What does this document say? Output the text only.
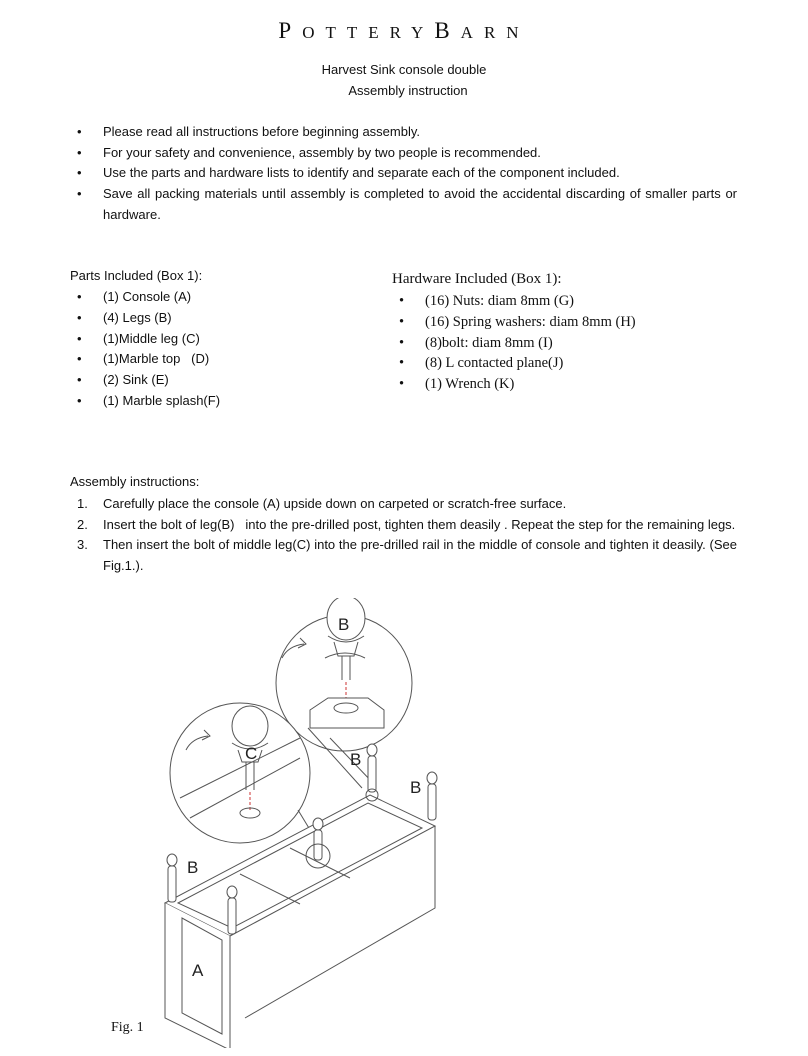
POTTERYBARN
Harvest Sink console double
Assembly instruction
• Please read all instructions before beginning assembly.
• For your safety and convenience, assembly by two people is recommended.
• Use the parts and hardware lists to identify and separate each of the component included.
• Save all packing materials until assembly is completed to avoid the accidental discarding of smaller parts or hardware.
Parts Included (Box 1):
• (1) Console (A)
• (4) Legs (B)
• (1)Middle leg (C)
• (1)Marble top   (D)
• (2) Sink (E)
• (1) Marble splash(F)
Hardware Included (Box 1):
• (16) Nuts: diam 8mm (G)
• (16) Spring washers: diam 8mm (H)
• (8)bolt: diam 8mm (I)
• (8) L contacted plane(J)
• (1) Wrench (K)
Assembly instructions:
1. Carefully place the console (A) upside down on carpeted or scratch-free surface.
2. Insert the bolt of leg(B)   into the pre-drilled post, tighten them deasily . Repeat the step for the remaining legs.
3. Then insert the bolt of middle leg(C) into the pre-drilled rail in the middle of console and tighten it deasily. (See Fig.1.).
B
C	B
B
B
A
Fig. 1
